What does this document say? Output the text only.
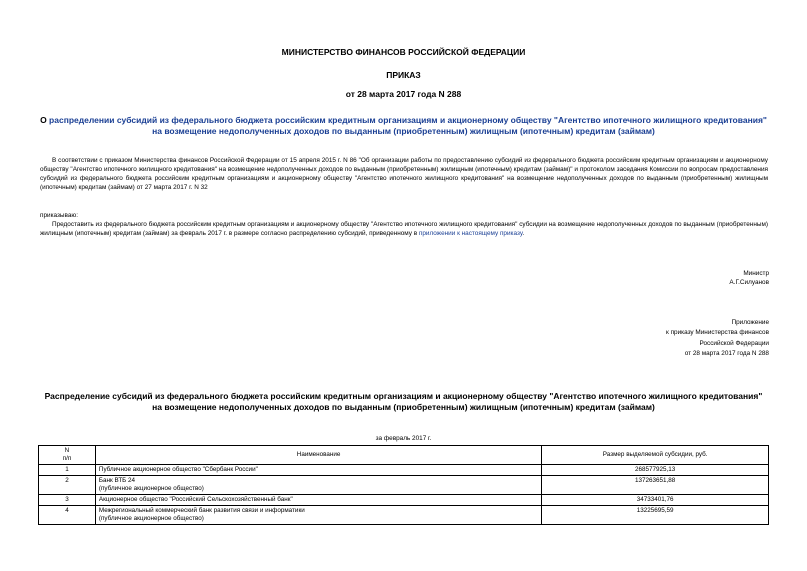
МИНИСТЕРСТВО ФИНАНСОВ РОССИЙСКОЙ ФЕДЕРАЦИИ

ПРИКАЗ

от 28 марта 2017 года N 288

О распределении субсидий из федерального бюджета российским кредитным организациям и акционерному обществу "Агентство ипотечного жилищного кредитования" на возмещение недополученных доходов по выданным (приобретенным) жилищным (ипотечным) кредитам (займам)

В соответствии с приказом Министерства финансов Российской Федерации от 15 апреля 2015 г. N 86 "Об организации работы по предоставлению субсидий из федерального бюджета российским кредитным организациям и акционерному обществу "Агентство ипотечного жилищного кредитования" на возмещение недополученных доходов по выданным (приобретенным) жилищным (ипотечным) кредитам (займам)" и протоколом заседания Комиссии по вопросам предоставления субсидий из федерального бюджета российским кредитным организациям и акционерному обществу "Агентство ипотечного жилищного кредитования" на возмещение недополученных доходов по выданным (приобретенным) жилищным (ипотечным) кредитам (займам) от 27 марта 2017 г. N 32

приказываю:

Предоставить из федерального бюджета российским кредитным организациям и акционерному обществу "Агентство ипотечного жилищного кредитования" субсидии на возмещение недополученных доходов по выданным (приобретенным) жилищным (ипотечным) кредитам (займам) за февраль 2017 г. в размере согласно распределению субсидий, приведенному в приложении к настоящему приказу.

Министр

А.Г.Силуанов

Приложение
к приказу Министерства финансов
Российской Федерации
от 28 марта 2017 года N 288

Распределение субсидий из федерального бюджета российским кредитным организациям и акционерному обществу "Агентство ипотечного жилищного кредитования" на возмещение недополученных доходов по выданным (приобретенным) жилищным (ипотечным) кредитам (займам)

за февраль 2017 г.
N
п/п	Наименование	Размер выделяемой субсидии, руб.
1	Публичное акционерное общество "Сбербанк России"	268577925,13
2	Банк ВТБ 24
(публичное акционерное общество)	137263651,88
3	Акционерное общество "Российский Сельскохозяйственный банк"	34733401,76
4	Межрегиональный коммерческий банк развития связи и информатики
(публичное акционерное общество)	13225695,59
